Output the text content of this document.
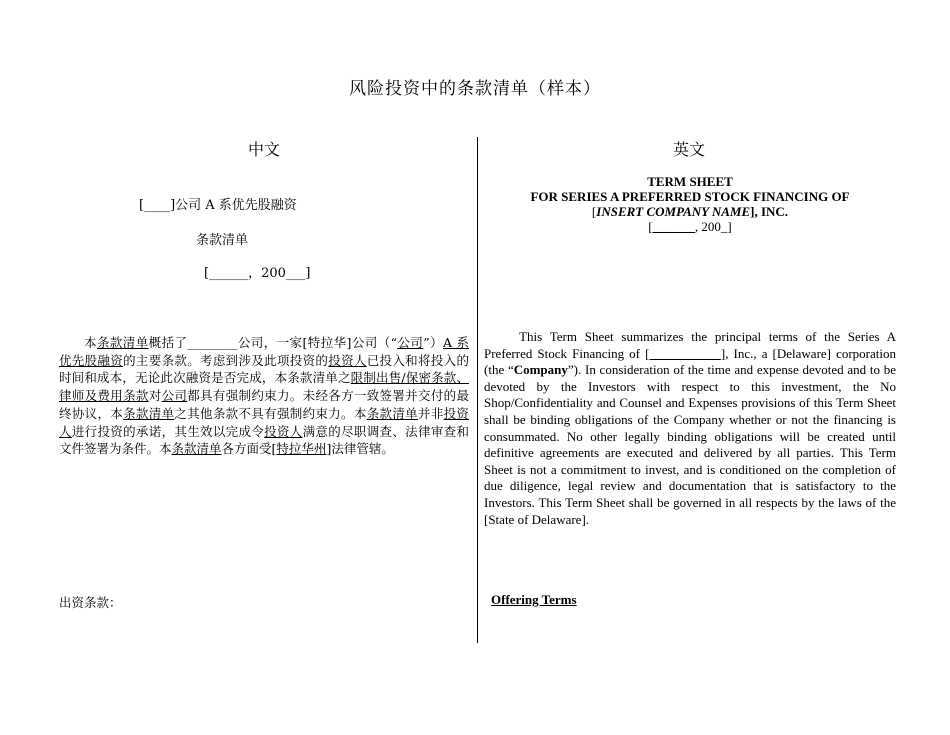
风险投资中的条款清单（样本）
中文	英文
[____]公司 A 系优先股融资
条款清单
[______，200___]
本条款清单概括了________公司，一家[特拉华]公司（“公司”）A 系优先股融资的主要条款。考虑到涉及此项投资的投资人已投入和将投入的时间和成本，无论此次融资是否完成，本条款清单之限制出售/保密条款、律师及费用条款对公司都具有强制约束力。未经各方一致签署并交付的最终协议，本条款清单之其他条款不具有强制约束力。本条款清单并非投资人进行投资的承诺，其生效以完成令投资人满意的尽职调查、法律审查和文件签署为条件。本条款清单各方面受[特拉华州]法律管辖。
出资条款：
TERM SHEET
FOR SERIES A PREFERRED STOCK FINANCING OF
[INSERT COMPANY NAME], INC.
[____ __, 200_]
This Term Sheet summarizes the principal terms of the Series A Preferred Stock Financing of [___________], Inc., a [Delaware] corporation (the “Company”). In consideration of the time and expense devoted and to be devoted by the Investors with respect to this investment, the No Shop/Confidentiality and Counsel and Expenses provisions of this Term Sheet shall be binding obligations of the Company whether or not the financing is consummated. No other legally binding obligations will be created until definitive agreements are executed and delivered by all parties. This Term Sheet is not a commitment to invest, and is conditioned on the completion of due diligence, legal review and documentation that is satisfactory to the Investors. This Term Sheet shall be governed in all respects by the laws of the [State of Delaware].
Offering Terms
